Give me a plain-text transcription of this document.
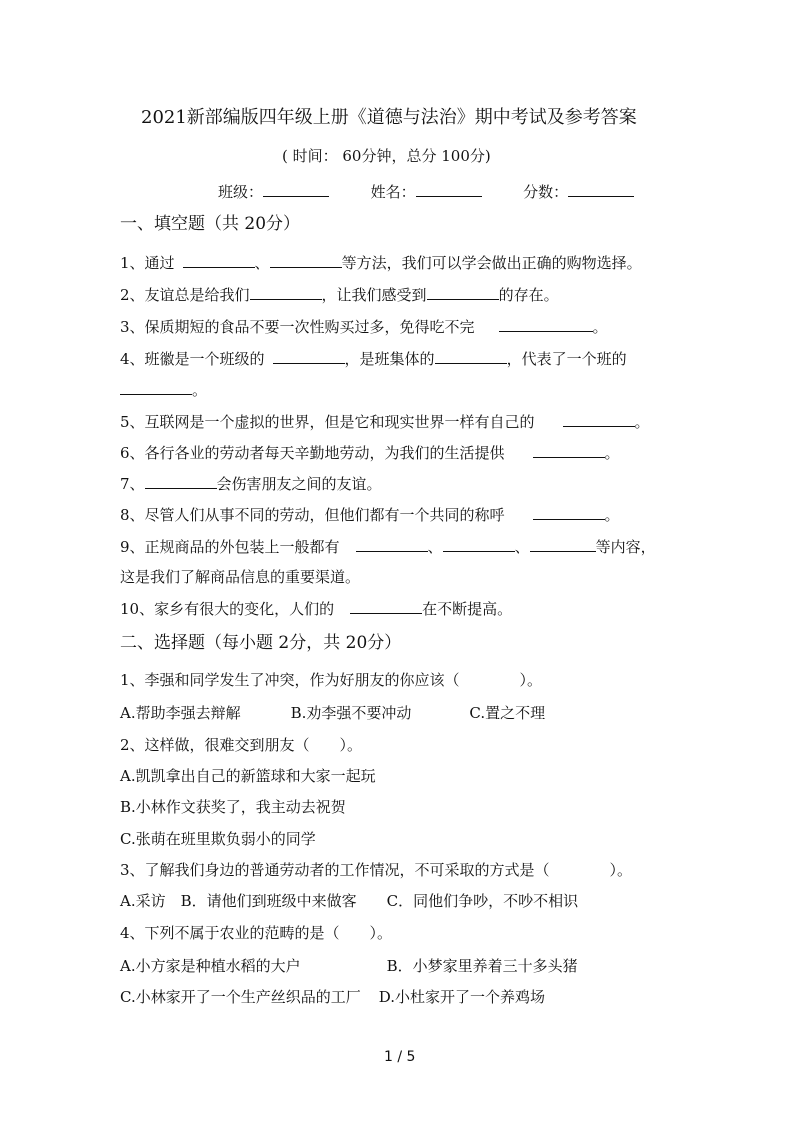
2021新部编版四年级上册《道德与法治》期中考试及参考答案
( 时间： 60分钟，总分 100分)
班级：	姓名：	分数：
一、填空题（共 20分）
1、通过	、	等方法，我们可以学会做出正确的购物选择。
2、友谊总是给我们	，让我们感受到	的存在。
3、保质期短的食品不要一次性购买过多，免得吃不完	。
4、班徽是一个班级的	，是班集体的	，代表了一个班的
。
5、互联网是一个虚拟的世界，但是它和现实世界一样有自己的	。
6、各行各业的劳动者每天辛勤地劳动，为我们的生活提供	。
7、	会伤害朋友之间的友谊。
8、尽管人们从事不同的劳动，但他们都有一个共同的称呼	。
9、正规商品的外包装上一般都有	、	、	等内容，
这是我们了解商品信息的重要渠道。
10、家乡有很大的变化，人们的	在不断提高。
二、选择题（每小题 2分，共 20分）
1、李强和同学发生了冲突，作为好朋友的你应该（　　　　）。
A.帮助李强去辩解	B.劝李强不要冲动	C.置之不理
2、这样做，很难交到朋友（　　）。
A.凯凯拿出自己的新篮球和大家一起玩
B.小林作文获奖了，我主动去祝贺
C.张萌在班里欺负弱小的同学
3、了解我们身边的普通劳动者的工作情况，不可采取的方式是（　　　　）。
A.采访　B．请他们到班级中来做客　　C．同他们争吵，不吵不相识
4、下列不属于农业的范畴的是（　　）。
A.小方家是种植水稻的大户	B．小梦家里养着三十多头猪
C.小林家开了一个生产丝织品的工厂 D.小杜家开了一个养鸡场
1 / 5
